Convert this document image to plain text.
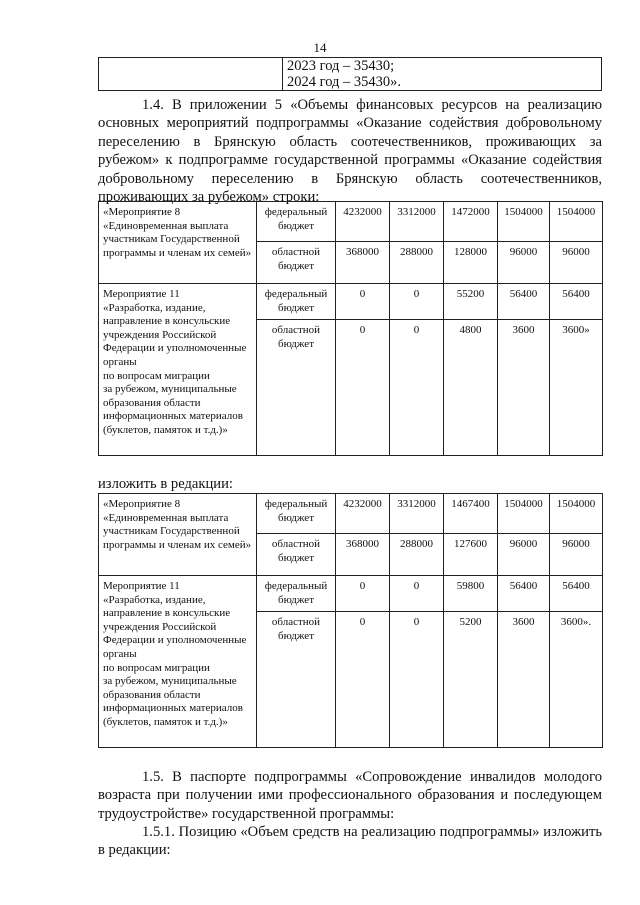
14

2023 год – 35430;
2024 год – 35430».

1.4. В приложении 5 «Объемы финансовых ресурсов на реализацию основных мероприятий подпрограммы «Оказание содействия добровольному переселению в Брянскую область соотечественников, проживающих за рубежом» к подпрограмме государственной программы «Оказание содействия добровольному переселению в Брянскую область соотечественников, проживающих за рубежом» строки:

«Мероприятие 8
«Единовременная выплата участникам Государственной программы и членам их семей»	федеральный бюджет	4232000	3312000	1472000	1504000	1504000
	областной бюджет	368000	288000	128000	96000	96000
Мероприятие 11
«Разработка, издание, направление в консульские учреждения Российской Федерации и уполномоченные органы
по вопросам миграции
за рубежом, муниципальные образования области информационных материалов (буклетов, памяток и т.д.)»	федеральный бюджет	0	0	55200	56400	56400
	областной бюджет	0	0	4800	3600	3600»
изложить в редакции:
«Мероприятие 8
«Единовременная выплата участникам Государственной программы и членам их семей»	федеральный бюджет	4232000	3312000	1467400	1504000	1504000
	областной бюджет	368000	288000	127600	96000	96000
Мероприятие 11
«Разработка, издание, направление в консульские учреждения Российской Федерации и уполномоченные органы
по вопросам миграции
за рубежом, муниципальные образования области информационных материалов (буклетов, памяток и т.д.)»	федеральный бюджет	0	0	59800	56400	56400
	областной бюджет	0	0	5200	3600	3600».

1.5. В паспорте подпрограммы «Сопровождение инвалидов молодого возраста при получении ими профессионального образования и последующем трудоустройстве» государственной программы:

1.5.1. Позицию «Объем средств на реализацию подпрограммы» изложить в редакции:
